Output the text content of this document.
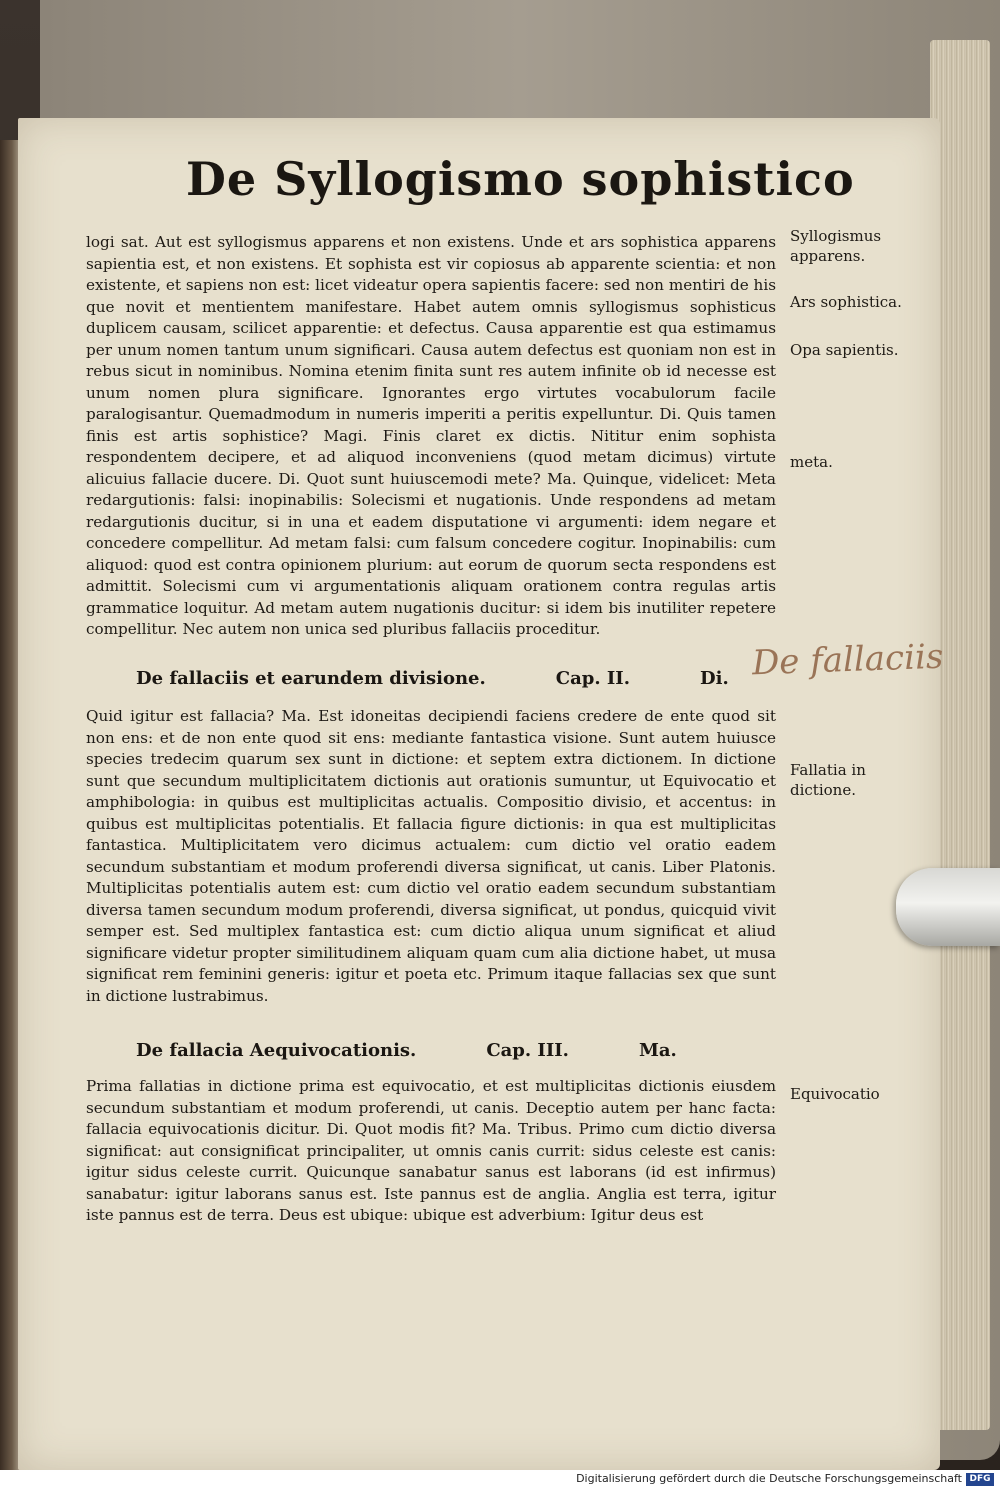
De Syllogismo sophistico

logi sat. Aut est syllogismus apparens et non existens. Unde et ars sophistica apparens sapientia est, et non existens. Et sophista est vir copiosus ab apparente scientia: et non existente, et sapiens non est: licet videatur opera sapientis facere: sed non mentiri de his que novit et mentientem manifestare. Habet autem omnis syllogismus sophisticus duplicem causam, scilicet apparentie: et defectus. Causa apparentie est qua estimamus per unum nomen tantum unum significari. Causa autem defectus est quoniam non est in rebus sicut in nominibus. Nomina etenim finita sunt res autem infinite ob id necesse est unum nomen plura significare. Ignorantes ergo virtutes vocabulorum facile paralogisantur. Quemadmodum in numeris imperiti a peritis expelluntur. Di. Quis tamen finis est artis sophistice? Magi. Finis claret ex dictis. Nititur enim sophista respondentem decipere, et ad aliquod inconveniens (quod metam dicimus) virtute alicuius fallacie ducere. Di. Quot sunt huiuscemodi mete? Ma. Quinque, videlicet: Meta redargutionis: falsi: inopinabilis: Solecismi et nugationis. Unde respondens ad metam redargutionis ducitur, si in una et eadem disputatione vi argumenti: idem negare et concedere compellitur. Ad metam falsi: cum falsum concedere cogitur. Inopinabilis: cum aliquod: quod est contra opinionem plurium: aut eorum de quorum secta respondens est admittit. Solecismi cum vi argumentationis aliquam orationem contra regulas artis grammatice loquitur. Ad metam autem nugationis ducitur: si idem bis inutiliter repetere compellitur. Nec autem non unica sed pluribus fallaciis proceditur.

De fallaciis et earundem divisione.	Cap. II.	Di.

Quid igitur est fallacia? Ma. Est idoneitas decipiendi faciens credere de ente quod sit non ens: et de non ente quod sit ens: mediante fantastica visione. Sunt autem huiusce species tredecim quarum sex sunt in dictione: et septem extra dictionem. In dictione sunt que secundum multiplicitatem dictionis aut orationis sumuntur, ut Equivocatio et amphibologia: in quibus est multiplicitas actualis. Compositio divisio, et accentus: in quibus est multiplicitas potentialis. Et fallacia figure dictionis: in qua est multiplicitas fantastica. Multiplicitatem vero dicimus actualem: cum dictio vel oratio eadem secundum substantiam et modum proferendi diversa significat, ut canis. Liber Platonis. Multiplicitas potentialis autem est: cum dictio vel oratio eadem secundum substantiam diversa tamen secundum modum proferendi, diversa significat, ut pondus, quicquid vivit semper est. Sed multiplex fantastica est: cum dictio aliqua unum significat et aliud significare videtur propter similitudinem aliquam quam cum alia dictione habet, ut musa significat rem feminini generis: igitur et poeta etc. Primum itaque fallacias sex que sunt in dictione lustrabimus.

De fallacia Aequivocationis.	Cap. III.	Ma.

Prima fallatias in dictione prima est equivocatio, et est multiplicitas dictionis eiusdem secundum substantiam et modum proferendi, ut canis. Deceptio autem per hanc facta: fallacia equivocationis dicitur. Di. Quot modis fit? Ma. Tribus. Primo cum dictio diversa significat: aut consignificat principaliter, ut omnis canis currit: sidus celeste est canis: igitur sidus celeste currit. Quicunque sanabatur sanus est laborans (id est infirmus) sanabatur: igitur laborans sanus est. Iste pannus est de anglia. Anglia est terra, igitur iste pannus est de terra. Deus est ubique: ubique est adverbium: Igitur deus est

Syllogismus apparens.
Ars sophistica.
Opa sapientis.
meta.
Fallatia in dictione.
Equivocatio
De fallaciis
Digitalisierung gefördert durch die Deutsche Forschungsgemeinschaft DFG
